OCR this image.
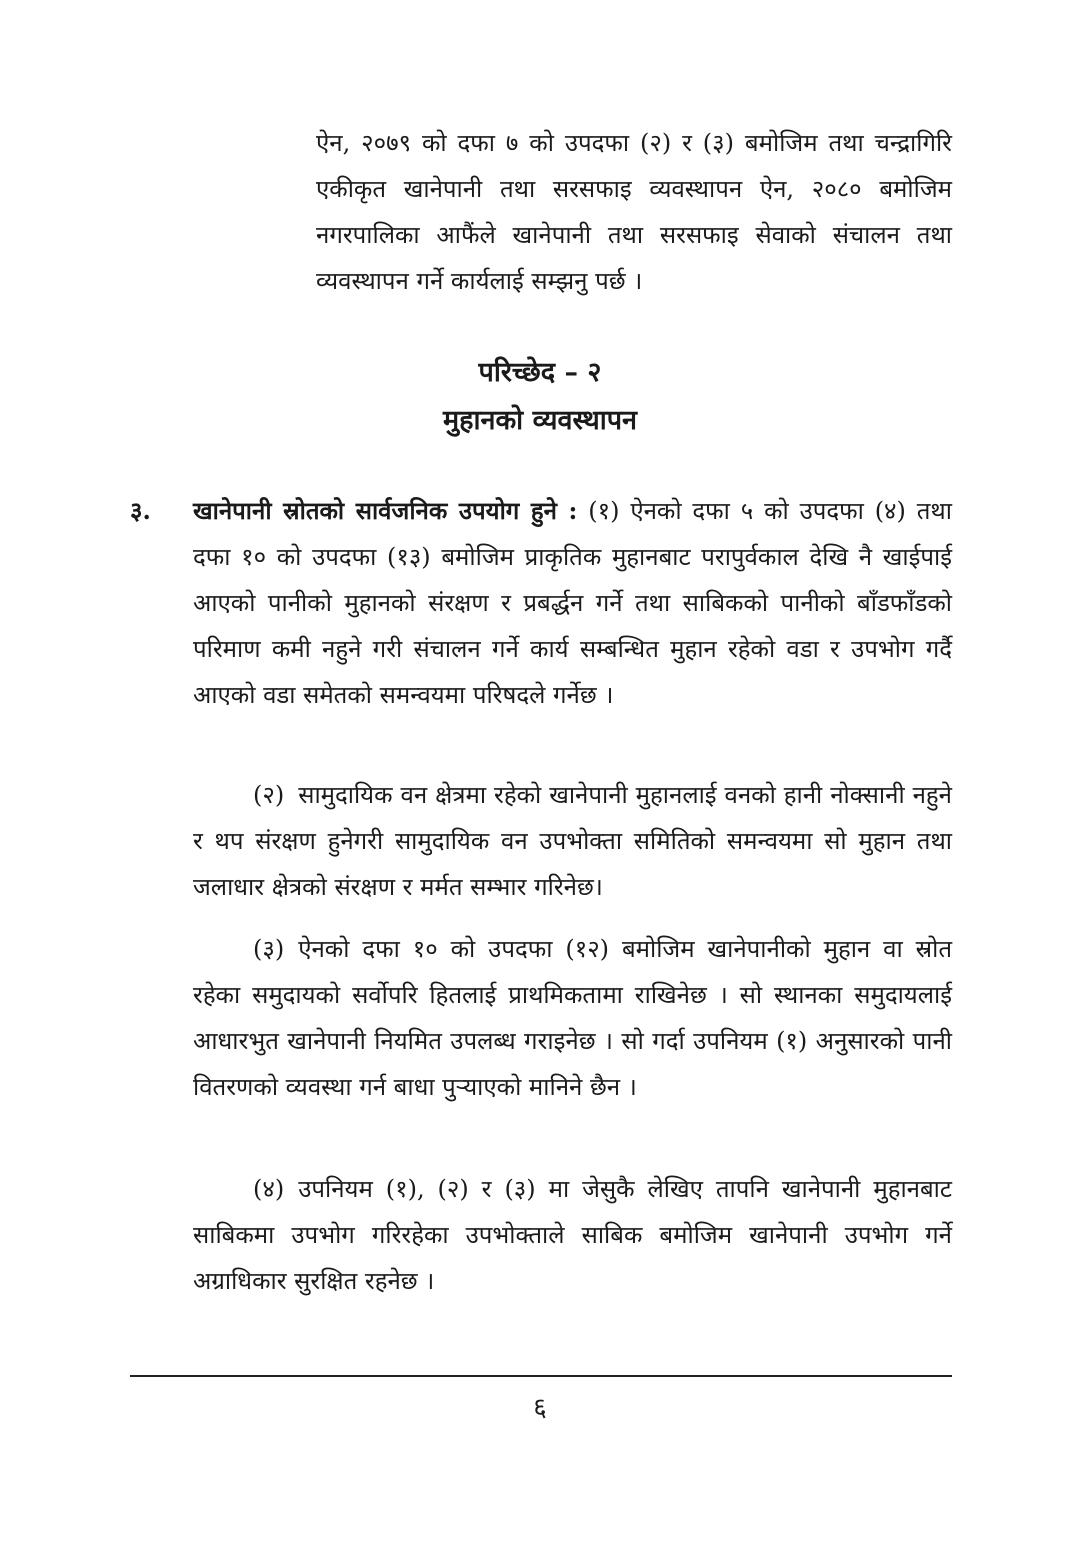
ऐन, २०७९ को दफा ७ को उपदफा (२) र (३) बमोजिम तथा चन्द्रागिरि एकीकृत खानेपानी तथा सरसफाइ व्यवस्थापन ऐन, २०८० बमोजिम नगरपालिका आफैंले खानेपानी तथा सरसफाइ सेवाको संचालन तथा व्यवस्थापन गर्ने कार्यलाई सम्झनु पर्छ ।

परिच्छेद – २
मुहानको व्यवस्थापन
३. खानेपानी स्रोतको सार्वजनिक उपयोग हुने : (१) ऐनको दफा ५ को उपदफा (४) तथा दफा १० को उपदफा (१३) बमोजिम प्राकृतिक मुहानबाट परापुर्वकाल देखि नै खाईपाई आएको पानीको मुहानको संरक्षण र प्रबर्द्धन गर्ने तथा साबिकको पानीको बाँडफाँडको परिमाण कमी नहुने गरी संचालन गर्ने कार्य सम्बन्धित मुहान रहेको वडा र उपभोग गर्दै आएको वडा समेतको समन्वयमा परिषदले गर्नेछ ।

(२) सामुदायिक वन क्षेत्रमा रहेको खानेपानी मुहानलाई वनको हानी नोक्सानी नहुने र थप संरक्षण हुनेगरी सामुदायिक वन उपभोक्ता समितिको समन्वयमा सो मुहान तथा जलाधार क्षेत्रको संरक्षण र मर्मत सम्भार गरिनेछ।

(३) ऐनको दफा १० को उपदफा (१२) बमोजिम खानेपानीको मुहान वा स्रोत रहेका समुदायको सर्वोपरि हितलाई प्राथमिकतामा राखिनेछ । सो स्थानका समुदायलाई आधारभुत खानेपानी नियमित उपलब्ध गराइनेछ । सो गर्दा उपनियम (१) अनुसारको पानी वितरणको व्यवस्था गर्न बाधा पुऱ्याएको मानिने छैन ।

(४) उपनियम (१), (२) र (३) मा जेसुकै लेखिए तापनि खानेपानी मुहानबाट साबिकमा उपभोग गरिरहेका उपभोक्ताले साबिक बमोजिम खानेपानी उपभोग गर्ने अग्राधिकार सुरक्षित रहनेछ ।

६
